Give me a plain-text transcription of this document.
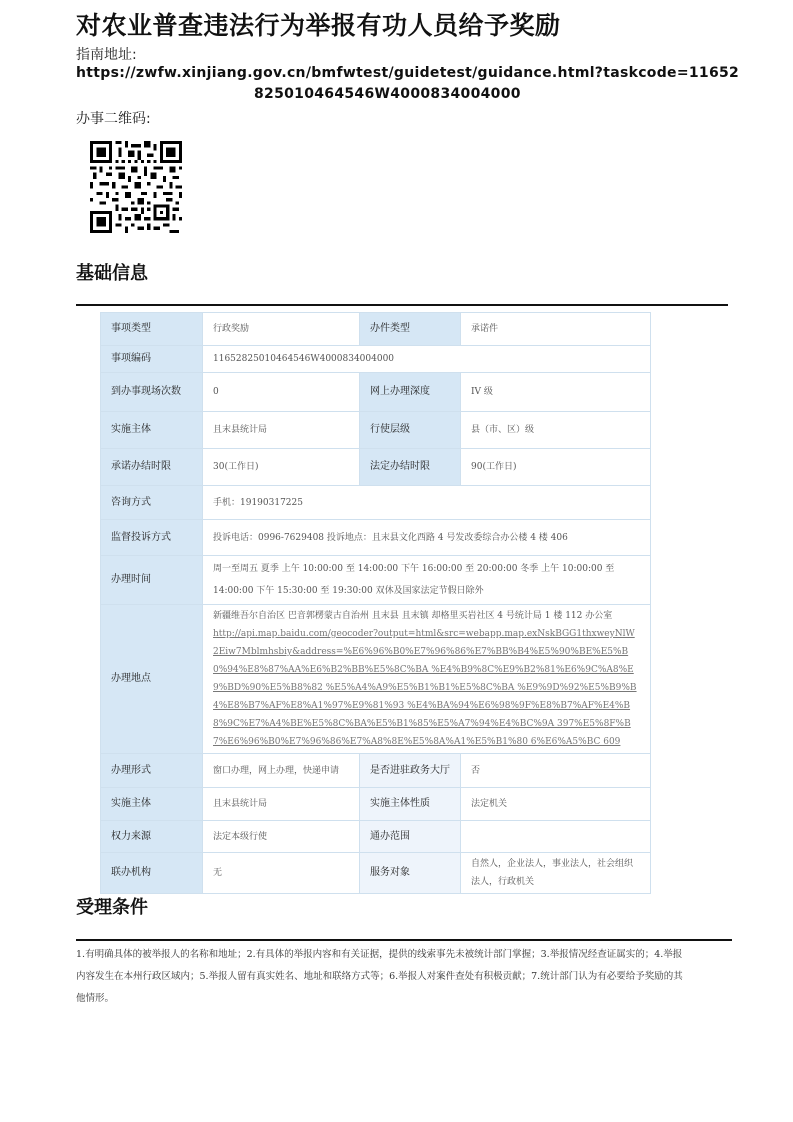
对农业普查违法行为举报有功人员给予奖励
指南地址:
https://zwfw.xinjiang.gov.cn/bmfwtest/guidetest/guidance.html?taskcode=11652
825010464546W4000834004000
办事二维码:
基础信息
事项类型	行政奖励	办件类型	承诺件
事项编码	11652825010464546W4000834004000		
到办事现场次数	0	网上办理深度	IV 级
实施主体	且末县统计局	行使层级	县（市、区）级
承诺办结时限	30(工作日)	法定办结时限	90(工作日)
咨询方式	手机：19190317225		
监督投诉方式	投诉电话：0996-7629408 投诉地点：且末县文化西路 4 号发改委综合办公楼 4 楼 406		
办理时间	周一至周五 夏季 上午 10:00:00 至 14:00:00 下午 16:00:00 至 20:00:00 冬季 上午 10:00:00 至 14:00:00 下午 15:30:00 至 19:30:00 双休及国家法定节假日除外		
办理地点	新疆维吾尔自治区 巴音郭楞蒙古自治州 且末县 且末镇 却格里买岩社区 4 号统计局 1 楼 112 办公室
http://api.map.baidu.com/geocoder?output=html&src=webapp.map.exNskBGG1thxweyNlW2Eiw7Mblmhsbiy&address=%E6%96%B0%E7%96%86%E7%BB%B4%E5%90%BE%E5%B0%94%E8%87%AA%E6%B2%BB%E5%8C%BA %E4%B9%8C%E9%B2%81%E6%9C%A8%E9%BD%90%E5%B8%82 %E5%A4%A9%E5%B1%B1%E5%8C%BA %E9%9D%92%E5%B9%B4%E8%B7%AF%E8%A1%97%E9%81%93 %E4%BA%94%E6%98%9F%E8%B7%AF%E4%B8%9C%E7%A4%BE%E5%8C%BA%E5%B1%85%E5%A7%94%E4%BC%9A 397%E5%8F%B7%E6%96%B0%E7%96%86%E7%A8%8E%E5%8A%A1%E5%B1%80 6%E6%A5%BC 609		

办理形式	窗口办理，网上办理，快递申请	是否进驻政务大厅	否
实施主体	且末县统计局	实施主体性质	法定机关
权力来源	法定本级行使	通办范围	
联办机构	无	服务对象	自然人，企业法人，事业法人，社会组织法人，行政机关
受理条件
1.有明确具体的被举报人的名称和地址；2.有具体的举报内容和有关证据，提供的线索事先未被统计部门掌握；3.举报情况经查证属实的；4.举报内容发生在本州行政区域内；5.举报人留有真实姓名、地址和联络方式等；6.举报人对案件查处有积极贡献；7.统计部门认为有必要给予奖励的其他情形。
